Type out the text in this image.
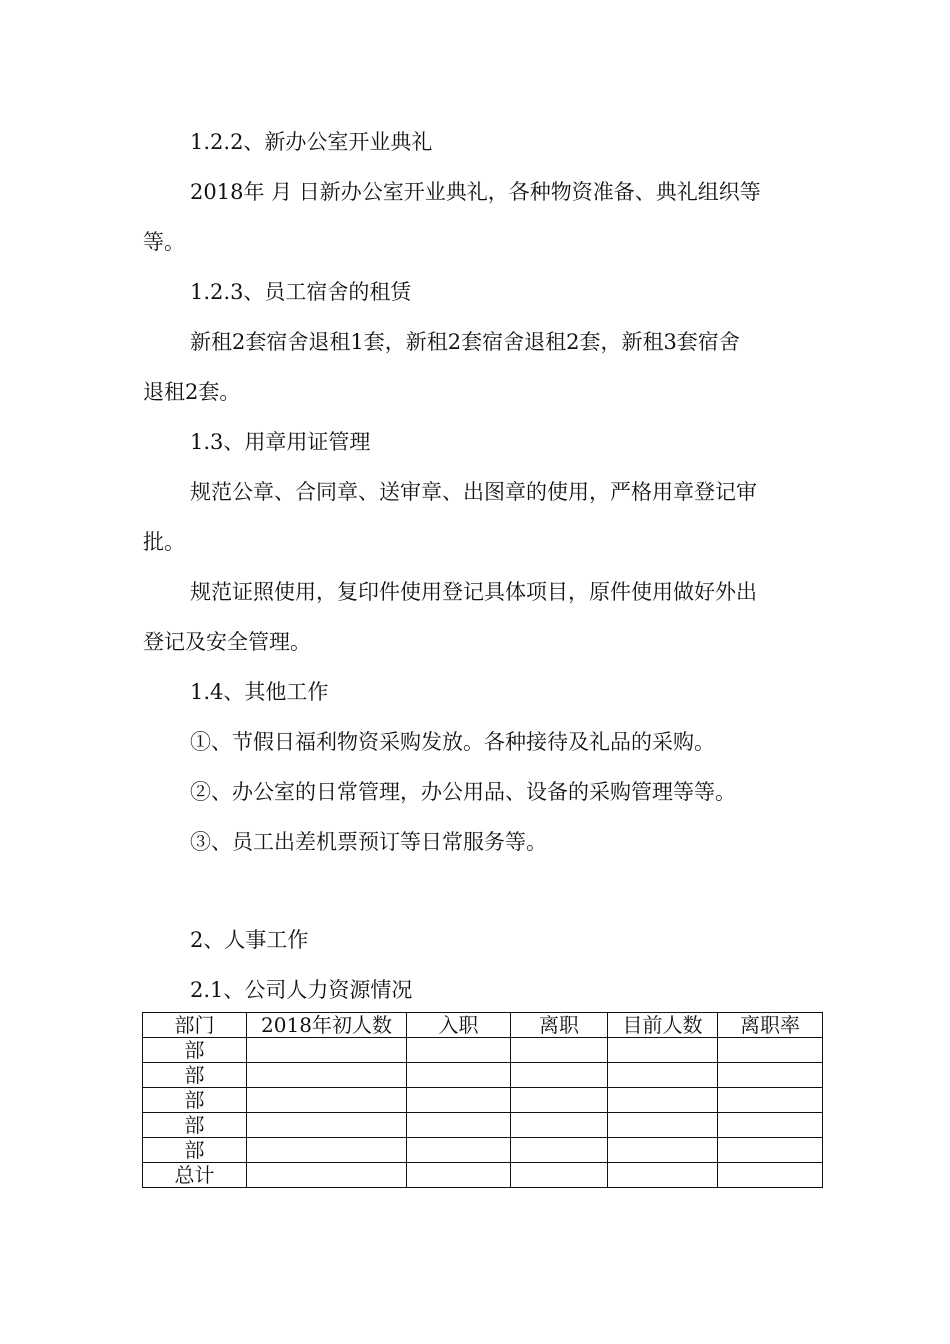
1.2.2、新办公室开业典礼
2018年 月 日新办公室开业典礼，各种物资准备、典礼组织等
等。
1.2.3、员工宿舍的租赁
新租2套宿舍退租1套，新租2套宿舍退租2套，新租3套宿舍
退租2套。
1.3、用章用证管理
规范公章、合同章、送审章、出图章的使用，严格用章登记审
批。
规范证照使用，复印件使用登记具体项目，原件使用做好外出
登记及安全管理。
1.4、其他工作
①、节假日福利物资采购发放。各种接待及礼品的采购。
②、办公室的日常管理，办公用品、设备的采购管理等等。
③、员工出差机票预订等日常服务等。
2、人事工作
2.1、公司人力资源情况
部门	2018年初人数	入职	离职	目前人数	离职率
部					
部					
部					
部					
部					
总计					
